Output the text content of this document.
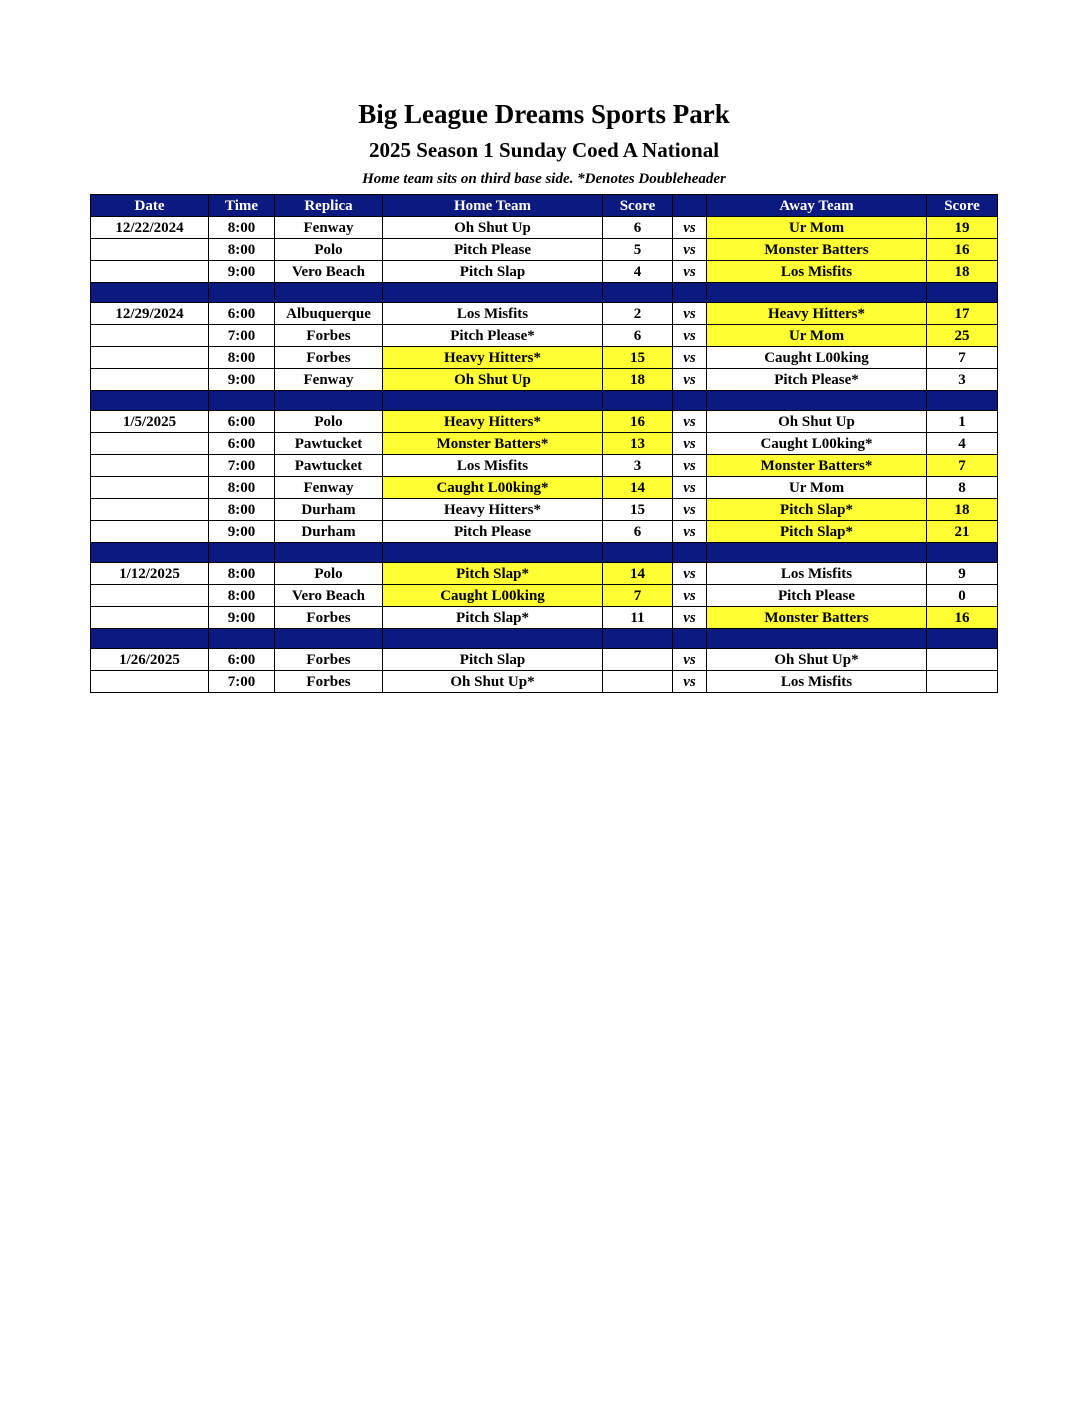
Big League Dreams Sports Park
2025 Season 1 Sunday Coed A National
Home team sits on third base side. *Denotes Doubleheader
Date	Time	Replica	Home Team	Score		Away Team	Score
12/22/2024	8:00	Fenway	Oh Shut Up	6	vs	Ur Mom	19
	8:00	Polo	Pitch Please	5	vs	Monster Batters	16
	9:00	Vero Beach	Pitch Slap	4	vs	Los Misfits	18

12/29/2024	6:00	Albuquerque	Los Misfits	2	vs	Heavy Hitters*	17
	7:00	Forbes	Pitch Please*	6	vs	Ur Mom	25
	8:00	Forbes	Heavy Hitters*	15	vs	Caught L00king	7
	9:00	Fenway	Oh Shut Up	18	vs	Pitch Please*	3

1/5/2025	6:00	Polo	Heavy Hitters*	16	vs	Oh Shut Up	1
	6:00	Pawtucket	Monster Batters*	13	vs	Caught L00king*	4
	7:00	Pawtucket	Los Misfits	3	vs	Monster Batters*	7
	8:00	Fenway	Caught L00king*	14	vs	Ur Mom	8
	8:00	Durham	Heavy Hitters*	15	vs	Pitch Slap*	18
	9:00	Durham	Pitch Please	6	vs	Pitch Slap*	21

1/12/2025	8:00	Polo	Pitch Slap*	14	vs	Los Misfits	9
	8:00	Vero Beach	Caught L00king	7	vs	Pitch Please	0
	9:00	Forbes	Pitch Slap*	11	vs	Monster Batters	16

1/26/2025	6:00	Forbes	Pitch Slap		vs	Oh Shut Up*	
	7:00	Forbes	Oh Shut Up*		vs	Los Misfits	
